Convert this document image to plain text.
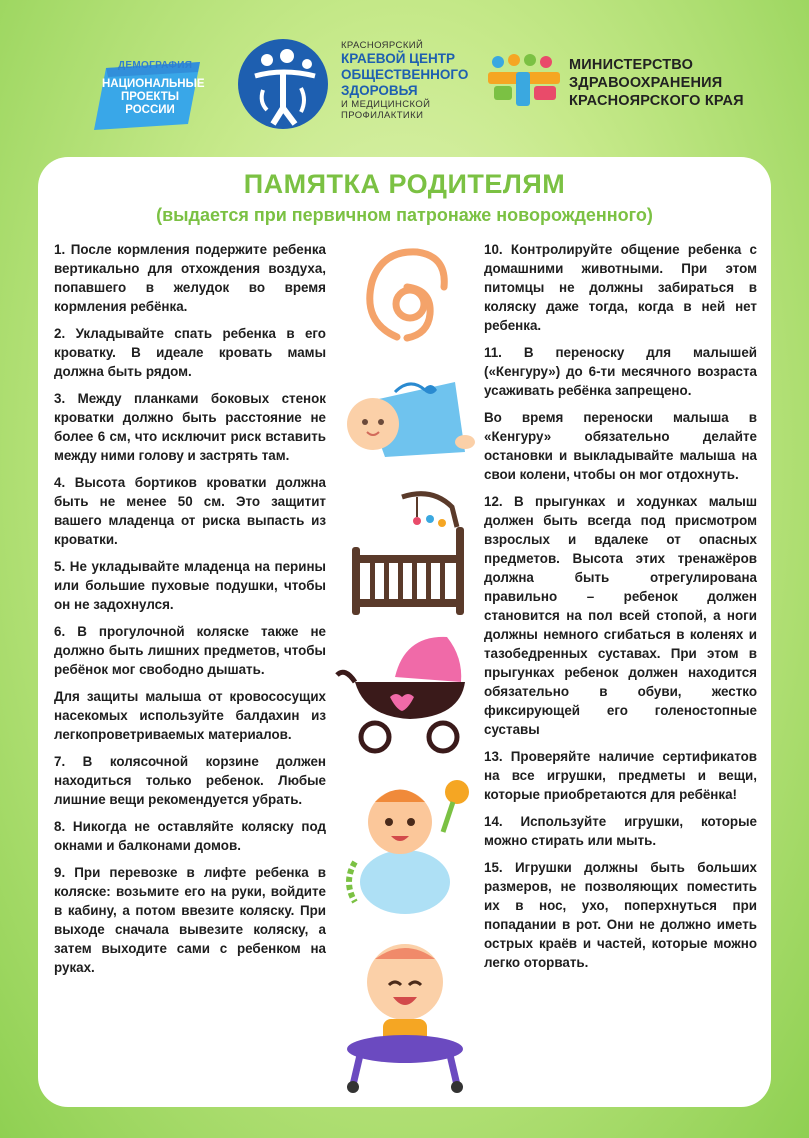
ДЕМОГРАФИЯ
НАЦИОНАЛЬНЫЕ
ПРОЕКТЫ
РОССИИ
КРАСНОЯРСКИЙ
КРАЕВОЙ ЦЕНТР
ОБЩЕСТВЕННОГО
ЗДОРОВЬЯ
И МЕДИЦИНСКОЙ
ПРОФИЛАКТИКИ
МИНИСТЕРСТВО
ЗДРАВООХРАНЕНИЯ
КРАСНОЯРСКОГО КРАЯ
ПАМЯТКА РОДИТЕЛЯМ
(выдается при первичном патронаже новорожденного)

1. После кормления подержите ребенка вертикально для отхождения воздуха, попавшего в желудок во время кормления ребёнка.

2. Укладывайте спать ребенка в его кроватку. В идеале кровать мамы должна быть рядом.

3. Между планками боковых стенок кроватки должно быть расстояние не более 6 см, что исключит риск вставить между ними голову и застрять там.

4. Высота бортиков кроватки должна быть не менее 50 см. Это защитит вашего младенца от риска выпасть из кроватки.

5. Не укладывайте младенца на перины или большие пуховые подушки, чтобы он не задохнулся.

6. В прогулочной коляске также не должно быть лишних предметов, чтобы ребёнок мог свободно дышать.

Для защиты малыша от кровососущих насекомых используйте балдахин из легкопроветриваемых материалов.

7. В колясочной корзине должен находиться только ребенок. Любые лишние вещи рекомендуется убрать.

8. Никогда не оставляйте коляску под окнами и балконами домов.

9. При перевозке в лифте ребенка в коляске: возьмите его на руки, войдите в кабину, а потом ввезите коляску. При выходе сначала вывезите коляску, а затем выходите сами с ребенком на руках.

10. Контролируйте общение ребенка с домашними животными. При этом питомцы не должны забираться в коляску даже тогда, когда в ней нет ребенка.

11. В переноску для малышей («Кенгуру») до 6-ти месячного возраста усаживать ребёнка запрещено.

Во время переноски малыша в «Кенгуру» обязательно делайте остановки и выкладывайте малыша на свои колени, чтобы он мог отдохнуть.

12. В прыгунках и ходунках малыш должен быть всегда под присмотром взрослых и вдалеке от опасных предметов. Высота этих тренажёров должна быть отрегулирована правильно – ребенок должен становится на пол всей стопой, а ноги должны немного сгибаться в коленях и тазобедренных суставах. При этом в прыгунках ребенок должен находится обязательно в обуви, жестко фиксирующей его голеностопные суставы

13. Проверяйте наличие сертификатов на все игрушки, предметы и вещи, которые приобретаются для ребёнка!

14. Используйте игрушки, которые можно стирать или мыть.

15. Игрушки должны быть больших размеров, не позволяющих поместить их в нос, ухо, поперхнуться при попадании в рот. Они не должно иметь острых краёв и частей, которые можно легко оторвать.
